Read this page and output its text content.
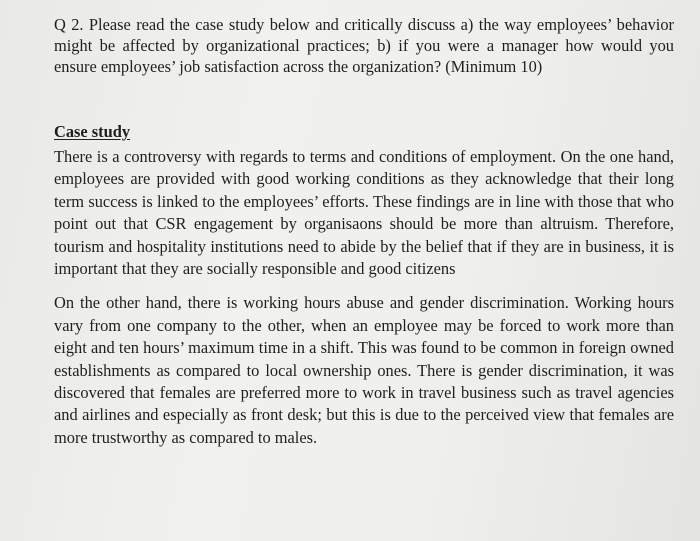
Q 2. Please read the case study below and critically discuss a) the way employees’ behavior might be affected by organizational practices; b) if you were a manager how would you ensure employees’ job satisfaction across the organization? (Minimum 10)

Case study

There is a controversy with regards to terms and conditions of employment. On the one hand, employees are provided with good working conditions as they acknowledge that their long term success is linked to the employees’ efforts. These findings are in line with those that who point out that CSR engagement by organisaons should be more than altruism. Therefore, tourism and hospitality institutions need to abide by the belief that if they are in business, it is important that they are socially responsible and good citizens

On the other hand, there is working hours abuse and gender discrimination. Working hours vary from one company to the other, when an employee may be forced to work more than eight and ten hours’ maximum time in a shift. This was found to be common in foreign owned establishments as compared to local ownership ones. There is gender discrimination, it was discovered that females are preferred more to work in travel business such as travel agencies and airlines and especially as front desk; but this is due to the perceived view that females are more trustworthy as compared to males.
